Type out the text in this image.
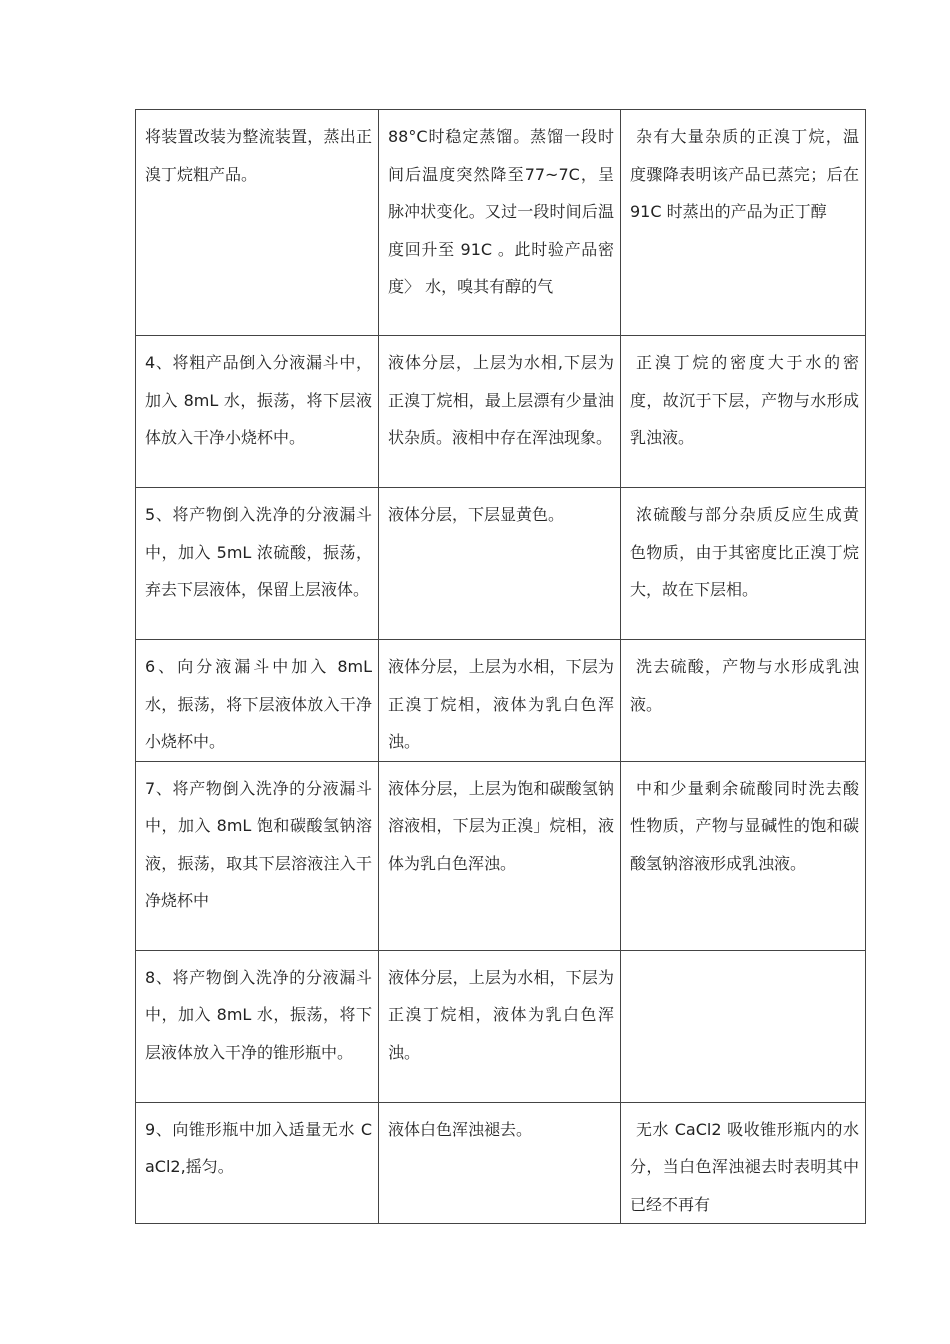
将装置改装为整流装置，蒸出正溴丁烷粗产品。	88°C时稳定蒸馏。蒸馏一段时间后温度突然降至77~7C，呈脉冲状变化。又过一段时间后温度回升至 91C 。此时验产品密度〉 水，嗅其有醇的气	杂有大量杂质的正溴丁烷，温度骤降表明该产品已蒸完；后在 91C 时蒸出的产品为正丁醇

4、将粗产品倒入分液漏斗中，加入 8mL 水，振荡，将下层液体放入干净小烧杯中。	液体分层，上层为水相,下层为正溴丁烷相，最上层漂有少量油状杂质。液相中存在浑浊现象。	正溴丁烷的密度大于水的密度，故沉于下层，产物与水形成乳浊液。

5、将产物倒入洗净的分液漏斗中，加入 5mL 浓硫酸，振荡，弃去下层液体，保留上层液体。	液体分层，下层显黄色。	浓硫酸与部分杂质反应生成黄色物质，由于其密度比正溴丁烷大，故在下层相。

6、向分液漏斗中加入 8mL 水，振荡，将下层液体放入干净小烧杯中。	液体分层，上层为水相，下层为正溴丁烷相，液体为乳白色浑浊。	洗去硫酸，产物与水形成乳浊液。

7、将产物倒入洗净的分液漏斗中，加入 8mL 饱和碳酸氢钠溶液，振荡，取其下层溶液注入干净烧杯中	液体分层，上层为饱和碳酸氢钠溶液相，下层为正溴」烷相，液体为乳白色浑浊。	中和少量剩余硫酸同时洗去酸性物质，产物与显碱性的饱和碳酸氢钠溶液形成乳浊液。

8、将产物倒入洗净的分液漏斗中，加入 8mL 水，振荡，将下层液体放入干净的锥形瓶中。	液体分层，上层为水相，下层为正溴丁烷相，液体为乳白色浑浊。	

9、向锥形瓶中加入适量无水 CaCl2,摇匀。	液体白色浑浊褪去。	无水 CaCl2 吸收锥形瓶内的水分，当白色浑浊褪去时表明其中已经不再有
